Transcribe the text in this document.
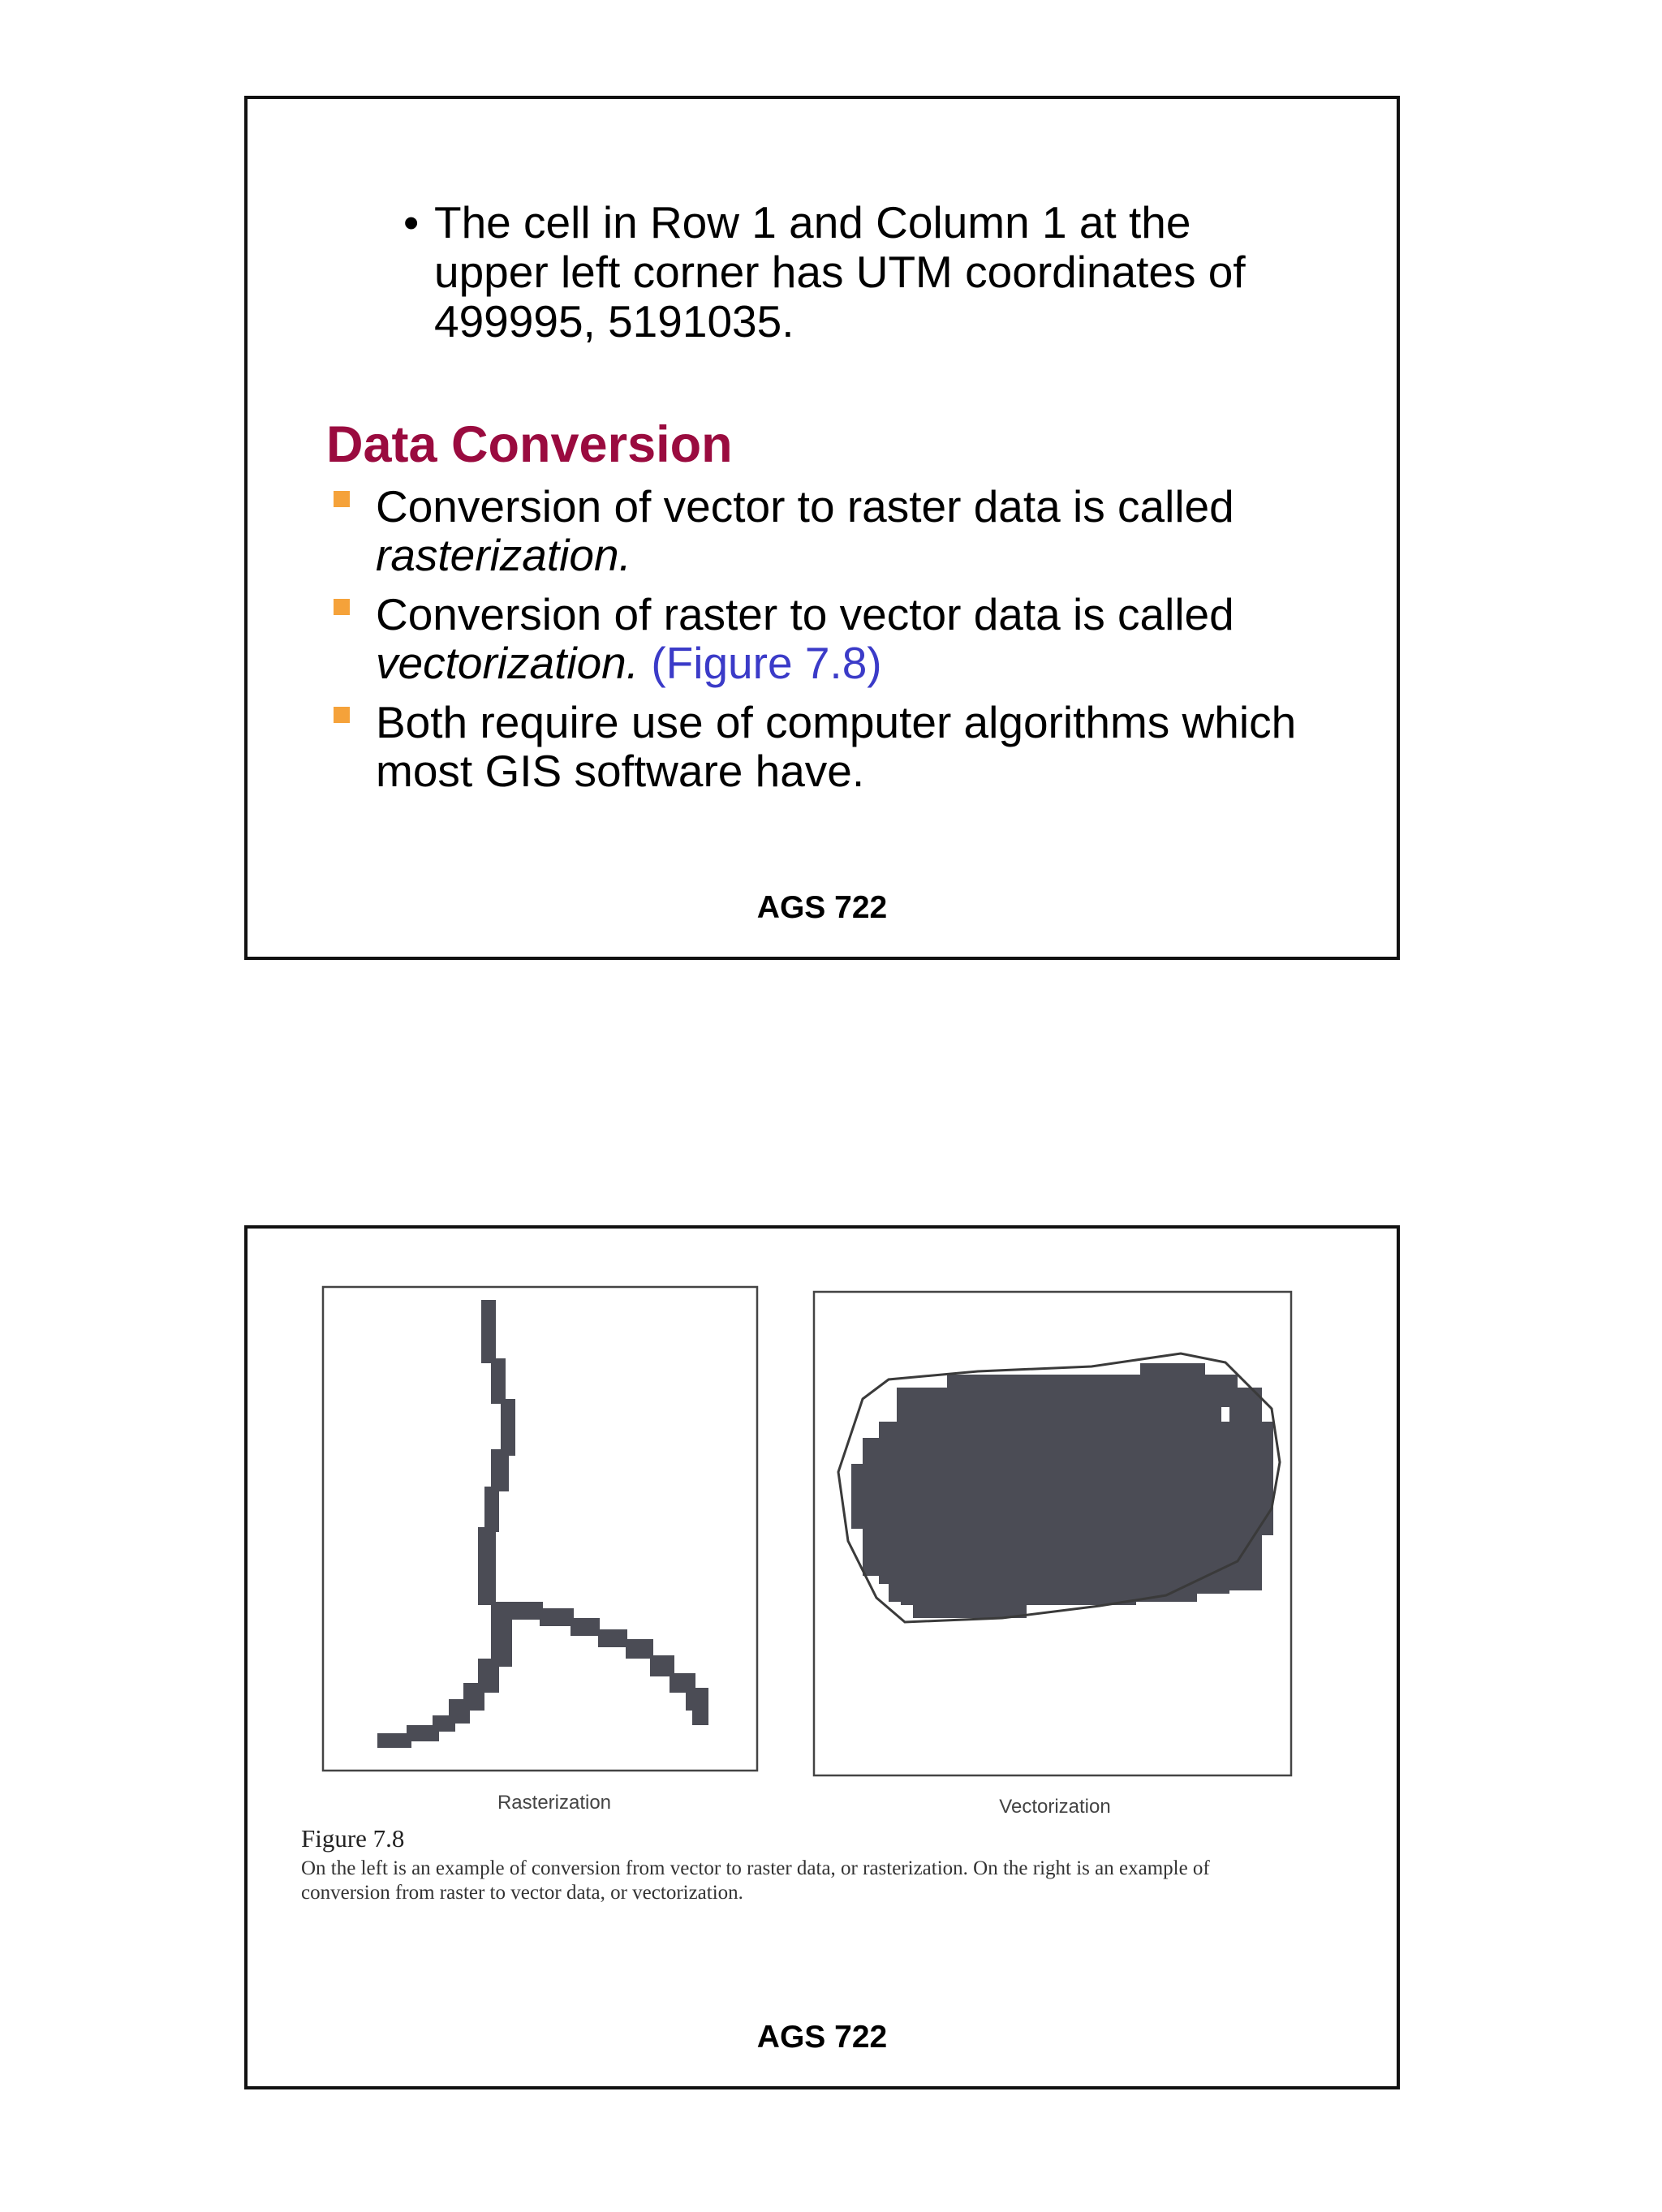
• The cell in Row 1 and Column 1 at the
upper left corner has UTM coordinates of
499995, 5191035.
Data Conversion
Conversion of vector to raster data is called
rasterization.
Conversion of raster to vector data is called
vectorization. (Figure 7.8)
Both require use of computer algorithms which
most GIS software have.
AGS 722
Rasterization	Vectorization
Figure 7.8
On the left is an example of conversion from vector to raster data, or rasterization. On the right is an example of
conversion from raster to vector data, or vectorization.
AGS 722
